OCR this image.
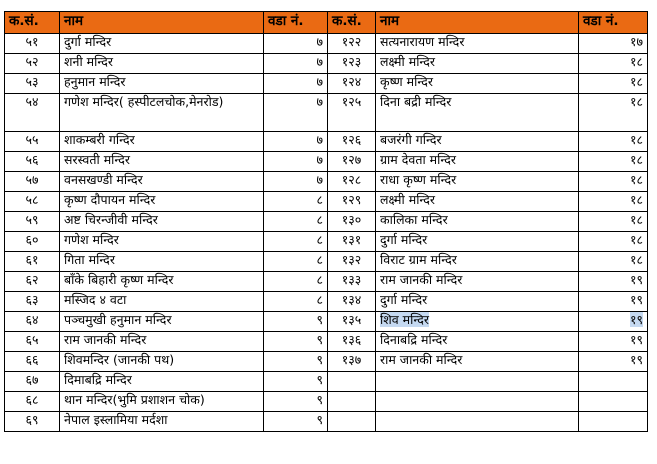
क.सं.	नाम	वडा नं.	क.सं.	नाम	वडा नं.
५१	दुर्गा मन्दिर	७	१२२	सत्यनारायण मन्दिर	१७
५२	शनी मन्दिर	७	१२३	लक्ष्मी मन्दिर	१८
५३	हनुमान मन्दिर	७	१२४	कृष्ण मन्दिर	१८
५४	गणेश मन्दिर( हस्पीटलचोक,मेनरोड)	७	१२५	दिना बद्री मन्दिर	१८
५५	शाकम्बरी गन्दिर	७	१२६	बजरंगी गन्दिर	१८
५६	सरस्वती मन्दिर	७	१२७	ग्राम देवता मन्दिर	१८
५७	वनसखण्डी मन्दिर	७	१२८	राधा कृष्ण मन्दिर	१८
५८	कृष्ण दौपायन मन्दिर	८	१२९	लक्ष्मी मन्दिर	१८
५९	अष्ट चिरन्जीवी मन्दिर	८	१३०	कालिका मन्दिर	१८
६०	गणेश मन्दिर	८	१३१	दुर्गा मन्दिर	१८
६१	गिता मन्दिर	८	१३२	विराट ग्राम मन्दिर	१८
६२	बाँके बिहारी कृष्ण मन्दिर	८	१३३	राम जानकी मन्दिर	१९
६३	मस्जिद ४ वटा	८	१३४	दुर्गा मन्दिर	१९
६४	पञ्चमुखी हनुमान मन्दिर	९	१३५	शिव मन्दिर	१९
६५	राम जानकी मन्दिर	९	१३६	दिनाबद्रि मन्दिर	१९
६६	शिवमन्दिर (जानकी पथ)	९	१३७	राम जानकी मन्दिर	१९
६७	दिमाबद्रि मन्दिर	९			
६८	थान मन्दिर(भुमि प्रशाशन चोक)	९			
६९	नेपाल इस्लामिया मर्दशा	९			
